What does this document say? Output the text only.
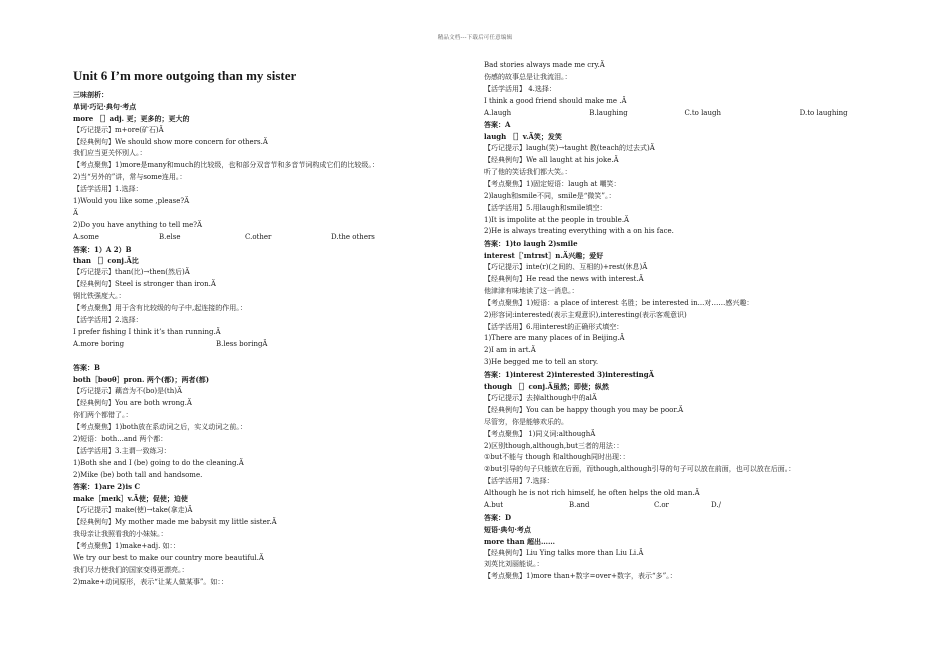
精品文档---下载后可任意编辑
Unit 6 I’m more outgoing than my sister
三味剖析：
单词·巧记·典句·考点
more ［］adj. 更；更多的；更大的
【巧记提示】m+ore(矿石)Ä
【经典例句】We should show more concern for others.Ä
我们应当更关怀别人。：
【考点聚焦】1)more是many和much的比较级，也和部分双音节和多音节词构成它们的比较级。：
2)当“另外的”讲，常与some连用。：
【活学活用】1.选择：
1)Would you like some ,please?Ä
Ä
2)Do you have anything to tell me?Ä
A.some	B.else	C.other	D.the others
答案：1）A 2）B
than ［］conj.Ä比
【巧记提示】than(比)→then(然后)Ä
【经典例句】Steel is stronger than iron.Ä
钢比铁强度大。：
【考点聚焦】用于含有比较级的句子中,起连接的作用。：
【活学活用】2.选择：
I prefer fishing I think it’s than running.Ä
A.more boring	B.less boringÄ
答案：B
both［bəʊθ］pron. 两个(都)；两者(都)
【巧记提示】藕音为不(bo)是(th)Ä
【经典例句】You are both wrong.Ä
你们两个都错了。：
【考点聚焦】1)both放在系动词之后，实义动词之前。：
2)短语：both...and 两个都：
【活学活用】3.主谓一致练习：
1)Both she and I (be) going to do the cleaning.Ä
2)Mike (be) both tall and handsome.
答案：1)are 2)is C
make［meɪk］v.Ä使；促使；迫使
【巧记提示】make(使)→take(拿走)Ä
【经典例句】My mother made me babysit my little sister.Ä
我母亲让我照看我的小妹妹。：
【考点聚焦】1)make+adj. 如：：
We try our best to make our country more beautiful.Ä
我们尽力使我们的国家变得更漂亮。：
2)make+动词原形，表示“让某人做某事”。如：：
Bad stories always made me cry.Ä
伤感的故事总是让我流泪。：
【活学活用】 4.选择：
I think a good friend should make me .Ä
A.laugh	B.laughing	C.to laugh	D.to laughing
答案：A
laugh ［］v.Ä笑；发笑
【巧记提示】laugh(笑)→taught 教(teach的过去式)Ä
【经典例句】We all laught at his joke.Ä
听了他的笑话我们都大笑。：
【考点聚焦】1)固定短语：laugh at 嘲笑：
2)laugh和smile不同，smile是“微笑”。：
【活学活用】5.用laugh和smile填空：
1)It is impolite at the people in trouble.Ä
2)He is always treating everything with a on his face.
答案：1)to laugh 2)smile
interest［ˈɪntrɪst］n.Ä兴趣；爱好
【巧记提示】inte(r)(之间的、互相的)+rest(休息)Ä
【经典例句】He read the news with interest.Ä
他津津有味地读了这一消息。：
【考点聚焦】1)短语：a place of interest 名胜；be interested in...对……感兴趣：
2)形容词:interested(表示主观意识),interesting(表示客观意识)
【活学活用】6.用interest的正确形式填空：
1)There are many places of in Beijing.Ä
2)I am in art.Ä
3)He begged me to tell an story.
答案：1)interest 2)interested 3)interestingÄ
though ［］conj.Ä虽然；即使；纵然
【巧记提示】去掉although中的alÄ
【经典例句】You can be happy though you may be poor.Ä
尽管穷，你是能够欢乐的。
【考点聚焦】 1)同义词:althoughÄ
2)区别though,although,but三者的用法：：
①but不能与 though 和although同时出现：：
②but引导的句子只能放在后面，而though,although引导的句子可以放在前面，也可以放在后面。：
【活学活用】7.选择：
Although he is not rich himself, he often helps the old man.Ä
A.but	B.and	C.or	D./
答案：D
短语·典句·考点
more than 超出……
【经典例句】Liu Ying talks more than Liu Li.Ä
刘英比刘丽能说。：
【考点聚焦】1)more than+数字=over+数字，表示“多”。：
